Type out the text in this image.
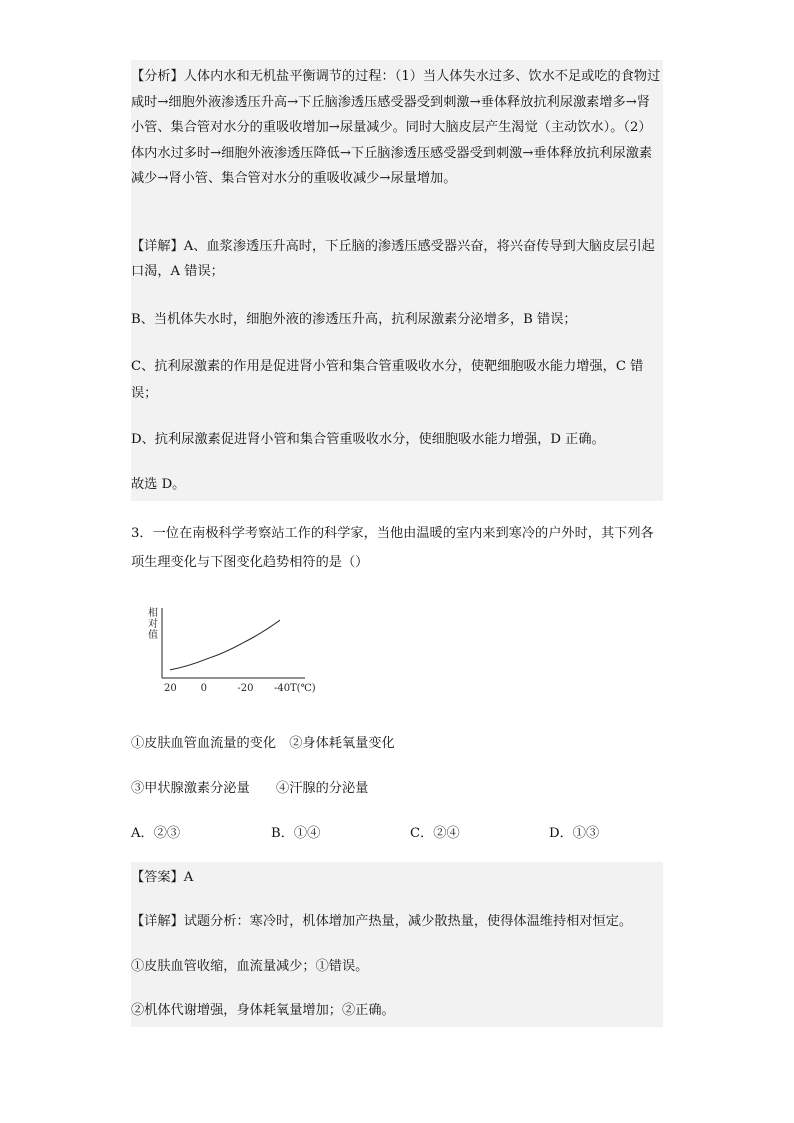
【分析】人体内水和无机盐平衡调节的过程：（1）当人体失水过多、饮水不足或吃的食物过咸时→细胞外液渗透压升高→下丘脑渗透压感受器受到刺激→垂体释放抗利尿激素增多→肾小管、集合管对水分的重吸收增加→尿量减少。同时大脑皮层产生渴觉（主动饮水）。（2）体内水过多时→细胞外液渗透压降低→下丘脑渗透压感受器受到刺激→垂体释放抗利尿激素减少→肾小管、集合管对水分的重吸收减少→尿量增加。
【详解】A、血浆渗透压升高时，下丘脑的渗透压感受器兴奋，将兴奋传导到大脑皮层引起口渴，A 错误；
B、当机体失水时，细胞外液的渗透压升高，抗利尿激素分泌增多，B 错误；
C、抗利尿激素的作用是促进肾小管和集合管重吸收水分，使靶细胞吸水能力增强，C 错误；
D、抗利尿激素促进肾小管和集合管重吸收水分，使细胞吸水能力增强，D 正确。
故选 D。
3．一位在南极科学考察站工作的科学家，当他由温暖的室内来到寒冷的户外时，其下列各项生理变化与下图变化趋势相符的是（）
相对值
20 0	-20 -40 T(℃)
①皮肤血管血流量的变化　②身体耗氧量变化
③甲状腺激素分泌量　　④汗腺的分泌量
A．②③	B．①④	C．②④	D．①③
【答案】A
【详解】试题分析：寒冷时，机体增加产热量，减少散热量，使得体温维持相对恒定。
①皮肤血管收缩，血流量减少；①错误。
②机体代谢增强，身体耗氧量增加；②正确。
